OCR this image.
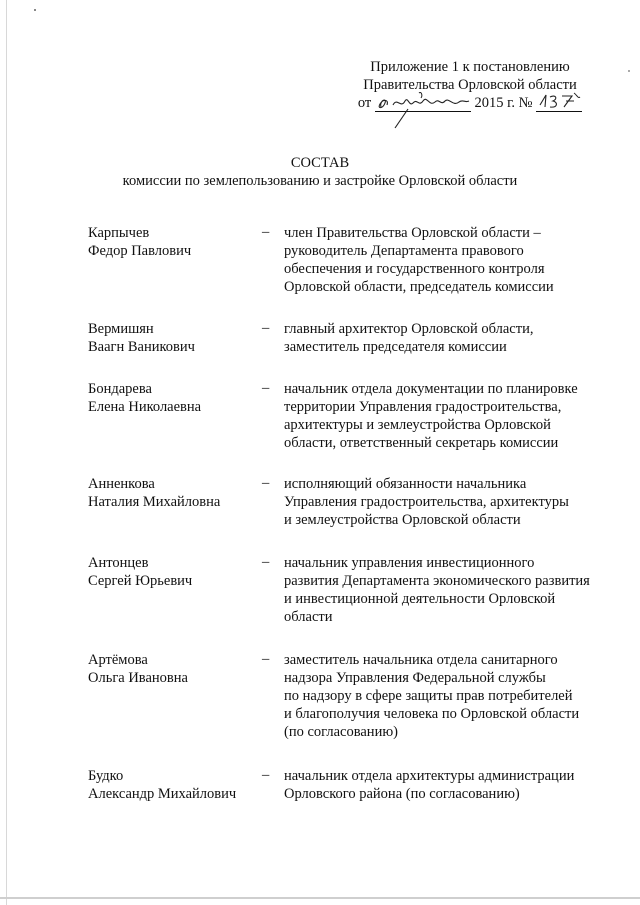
Приложение 1 к постановлению
Правительства Орловской области
от	2015 г. №
СОСТАВ
комиссии по землепользованию и застройке Орловской области
Карпычев
Федор Павлович
– член Правительства Орловской области –
руководитель Департамента правового
обеспечения и государственного контроля
Орловской области, председатель комиссии
Вермишян
Ваагн Ваникович
– главный архитектор Орловской области,
заместитель председателя комиссии
Бондарева
Елена Николаевна
– начальник отдела документации по планировке
территории Управления градостроительства,
архитектуры и землеустройства Орловской
области, ответственный секретарь комиссии
Анненкова
Наталия Михайловна
– исполняющий обязанности начальника
Управления градостроительства, архитектуры
и землеустройства Орловской области
Антонцев
Сергей Юрьевич
– начальник управления инвестиционного
развития Департамента экономического развития
и инвестиционной деятельности Орловской
области
Артёмова
Ольга Ивановна
– заместитель начальника отдела санитарного
надзора Управления Федеральной службы
по надзору в сфере защиты прав потребителей
и благополучия человека по Орловской области
(по согласованию)
Будко
Александр Михайлович
– начальник отдела архитектуры администрации
Орловского района (по согласованию)
